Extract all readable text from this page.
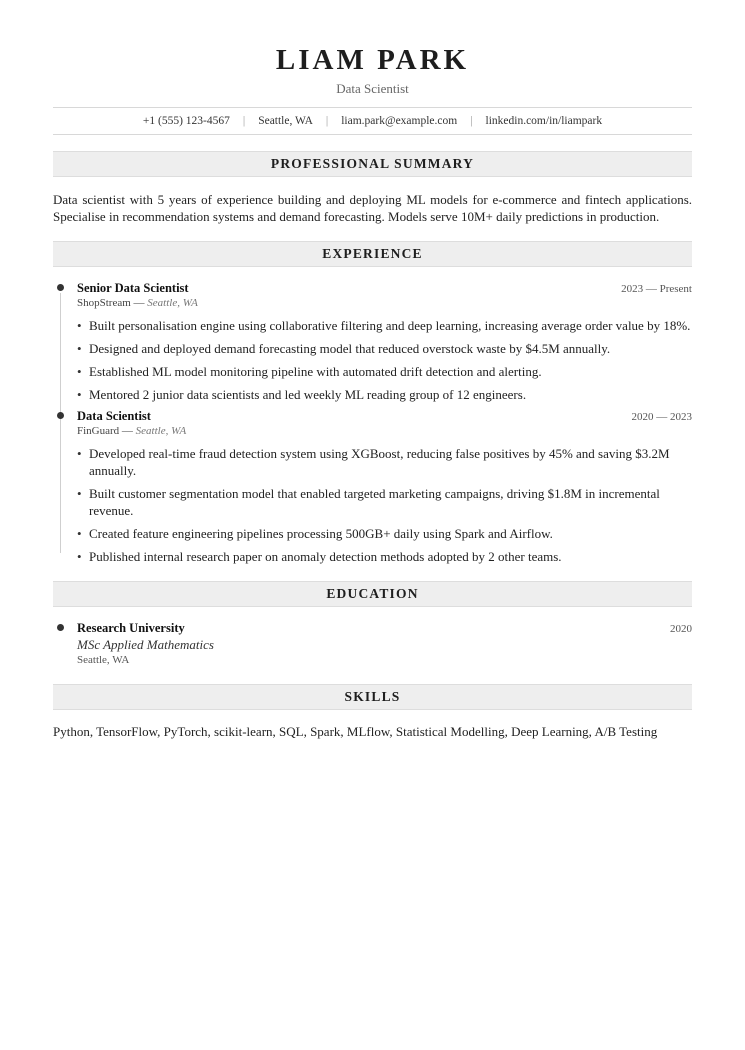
LIAM PARK
Data Scientist
+1 (555) 123-4567 | Seattle, WA | liam.park@example.com | linkedin.com/in/liampark
PROFESSIONAL SUMMARY
Data scientist with 5 years of experience building and deploying ML models for e-commerce and fintech applications. Specialise in recommendation systems and demand forecasting. Models serve 10M+ daily predictions in production.
EXPERIENCE
Senior Data Scientist	2023 — Present
ShopStream — Seattle, WA
• Built personalisation engine using collaborative filtering and deep learning, increasing average order value by 18%.
• Designed and deployed demand forecasting model that reduced overstock waste by $4.5M annually.
• Established ML model monitoring pipeline with automated drift detection and alerting.
• Mentored 2 junior data scientists and led weekly ML reading group of 12 engineers.
Data Scientist	2020 — 2023
FinGuard — Seattle, WA
• Developed real-time fraud detection system using XGBoost, reducing false positives by 45% and saving $3.2M annually.
• Built customer segmentation model that enabled targeted marketing campaigns, driving $1.8M in incremental revenue.
• Created feature engineering pipelines processing 500GB+ daily using Spark and Airflow.
• Published internal research paper on anomaly detection methods adopted by 2 other teams.
EDUCATION
Research University	2020
MSc Applied Mathematics
Seattle, WA
SKILLS
Python, TensorFlow, PyTorch, scikit-learn, SQL, Spark, MLflow, Statistical Modelling, Deep Learning, A/B Testing
